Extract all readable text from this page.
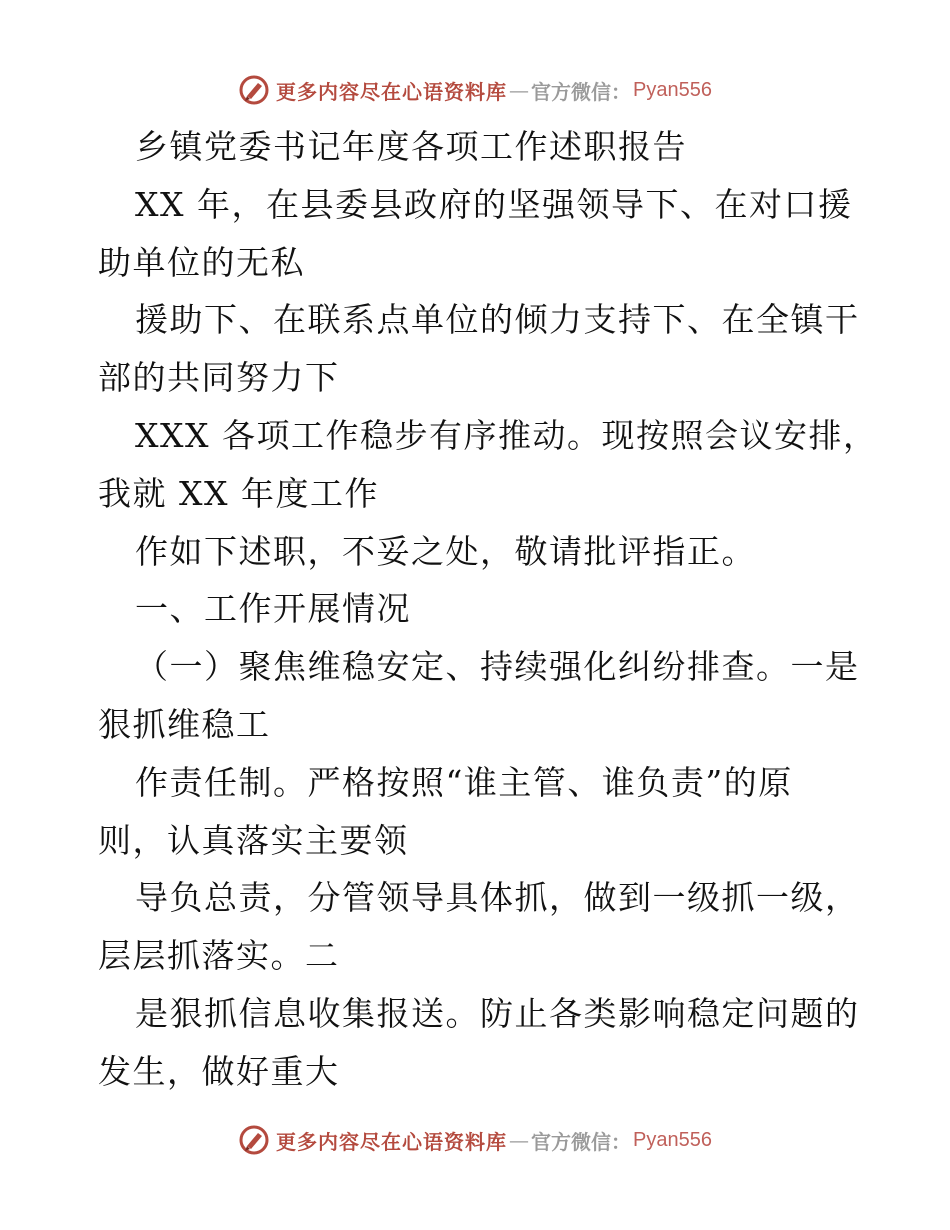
更多内容尽在心语资料库 — 官方微信： Pyan556
乡镇党委书记年度各项工作述职报告
XX 年，在县委县政府的坚强领导下、在对口援
助单位的无私
援助下、在联系点单位的倾力支持下、在全镇干
部的共同努力下
XXX 各项工作稳步有序推动。现按照会议安排，
我就 XX 年度工作
作如下述职，不妥之处，敬请批评指正。
一、工作开展情况
（一）聚焦维稳安定、持续强化纠纷排查。一是
狠抓维稳工
作责任制。严格按照“谁主管、谁负责”的原
则，认真落实主要领
导负总责，分管领导具体抓，做到一级抓一级，
层层抓落实。二
是狠抓信息收集报送。防止各类影响稳定问题的
发生，做好重大
更多内容尽在心语资料库 — 官方微信： Pyan556
